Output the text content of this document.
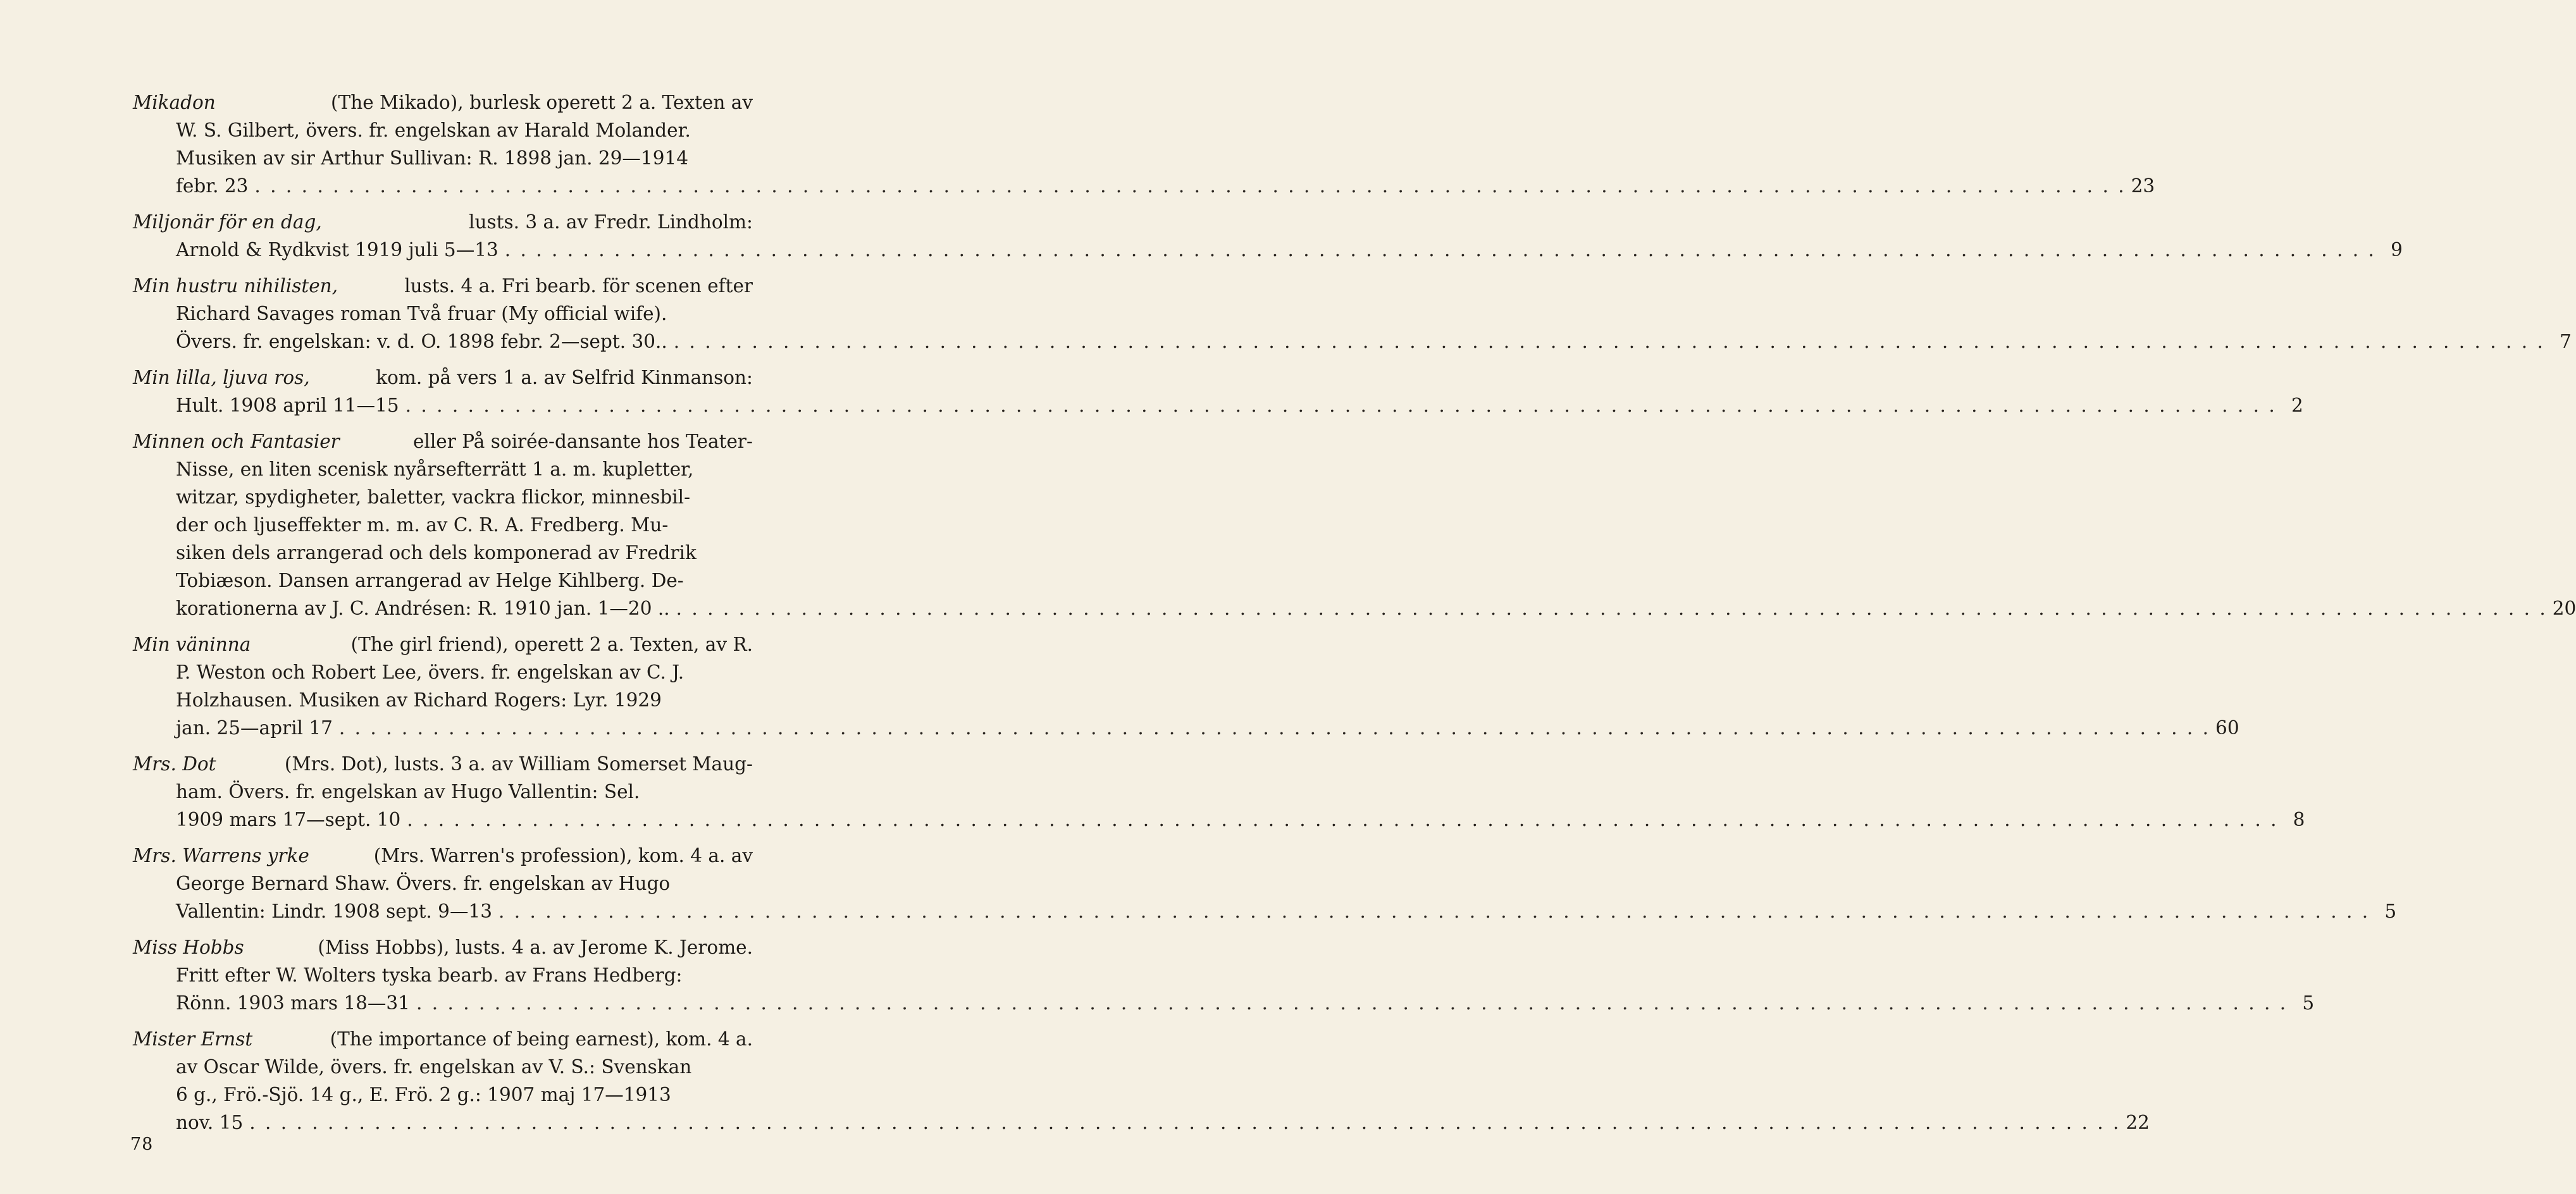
Mikadon	(The Mikado), burlesk operett 2 a. Texten av
W. S. Gilbert, övers. fr. engelskan av Harald Molander.
Musiken av sir Arthur Sullivan: R. 1898 jan. 29—1914
febr. 23 . . . . . . . . . . . . . . . . . . . . . . . . . . . . . . . . . . . . . . . . . . . . . . . . . . . . . . . . . . . . . . . . . . . . . . . . . . . . . . . . . . . . . . . . . . . . . . . . . . . . . . . . . . . . . . . . . . . . . . . . 23
Miljonär för en dag,	lusts. 3 a. av Fredr. Lindholm:
Arnold & Rydkvist 1919 juli 5—13 . . . . . . . . . . . . . . . . . . . . . . . . . . . . . . . . . . . . . . . . . . . . . . . . . . . . . . . . . . . . . . . . . . . . . . . . . . . . . . . . . . . . . . . . . . . . . . . . . . . . . . . . . . . . . . . . . . . . . . . . 9
Min hustru nihilisten,	lusts. 4 a. Fri bearb. för scenen efter
Richard Savages roman Två fruar (My official wife).
Övers. fr. engelskan: v. d. O. 1898 febr. 2—sept. 30.. . . . . . . . . . . . . . . . . . . . . . . . . . . . . . . . . . . . . . . . . . . . . . . . . . . . . . . . . . . . . . . . . . . . . . . . . . . . . . . . . . . . . . . . . . . . . . . . . . . . . . . . . . . . . . . . . . . . . . . . . 7
Min lilla, ljuva ros,	kom. på vers 1 a. av Selfrid Kinmanson:
Hult. 1908 april 11—15 . . . . . . . . . . . . . . . . . . . . . . . . . . . . . . . . . . . . . . . . . . . . . . . . . . . . . . . . . . . . . . . . . . . . . . . . . . . . . . . . . . . . . . . . . . . . . . . . . . . . . . . . . . . . . . . . . . . . . . . . 2
Minnen och Fantasier	eller På soirée-dansante hos Teater-
Nisse, en liten scenisk nyårsefterrätt 1 a. m. kupletter,
witzar, spydigheter, baletter, vackra flickor, minnesbil-
der och ljuseffekter m. m. av C. R. A. Fredberg. Mu-
siken dels arrangerad och dels komponerad av Fredrik
Tobiæson. Dansen arrangerad av Helge Kihlberg. De-
korationerna av J. C. Andrésen: R. 1910 jan. 1—20 .. . . . . . . . . . . . . . . . . . . . . . . . . . . . . . . . . . . . . . . . . . . . . . . . . . . . . . . . . . . . . . . . . . . . . . . . . . . . . . . . . . . . . . . . . . . . . . . . . . . . . . . . . . . . . . . . . . . . . . . . . 20
Min väninna	(The girl friend), operett 2 a. Texten, av R.
P. Weston och Robert Lee, övers. fr. engelskan av C. J.
Holzhausen. Musiken av Richard Rogers: Lyr. 1929
jan. 25—april 17 . . . . . . . . . . . . . . . . . . . . . . . . . . . . . . . . . . . . . . . . . . . . . . . . . . . . . . . . . . . . . . . . . . . . . . . . . . . . . . . . . . . . . . . . . . . . . . . . . . . . . . . . . . . . . . . . . . . . . . . . 60
Mrs. Dot	(Mrs. Dot), lusts. 3 a. av William Somerset Maug-
ham. Övers. fr. engelskan av Hugo Vallentin: Sel.
1909 mars 17—sept. 10 . . . . . . . . . . . . . . . . . . . . . . . . . . . . . . . . . . . . . . . . . . . . . . . . . . . . . . . . . . . . . . . . . . . . . . . . . . . . . . . . . . . . . . . . . . . . . . . . . . . . . . . . . . . . . . . . . . . . . . . . 8
Mrs. Warrens yrke	(Mrs. Warren's profession), kom. 4 a. av
George Bernard Shaw. Övers. fr. engelskan av Hugo
Vallentin: Lindr. 1908 sept. 9—13 . . . . . . . . . . . . . . . . . . . . . . . . . . . . . . . . . . . . . . . . . . . . . . . . . . . . . . . . . . . . . . . . . . . . . . . . . . . . . . . . . . . . . . . . . . . . . . . . . . . . . . . . . . . . . . . . . . . . . . . . 5
Miss Hobbs	(Miss Hobbs), lusts. 4 a. av Jerome K. Jerome.
Fritt efter W. Wolters tyska bearb. av Frans Hedberg:
Rönn. 1903 mars 18—31 . . . . . . . . . . . . . . . . . . . . . . . . . . . . . . . . . . . . . . . . . . . . . . . . . . . . . . . . . . . . . . . . . . . . . . . . . . . . . . . . . . . . . . . . . . . . . . . . . . . . . . . . . . . . . . . . . . . . . . . . 5
Mister Ernst	(The importance of being earnest), kom. 4 a.
av Oscar Wilde, övers. fr. engelskan av V. S.: Svenskan
6 g., Frö.-Sjö. 14 g., E. Frö. 2 g.: 1907 maj 17—1913
nov. 15 . . . . . . . . . . . . . . . . . . . . . . . . . . . . . . . . . . . . . . . . . . . . . . . . . . . . . . . . . . . . . . . . . . . . . . . . . . . . . . . . . . . . . . . . . . . . . . . . . . . . . . . . . . . . . . . . . . . . . . . . 22
78
